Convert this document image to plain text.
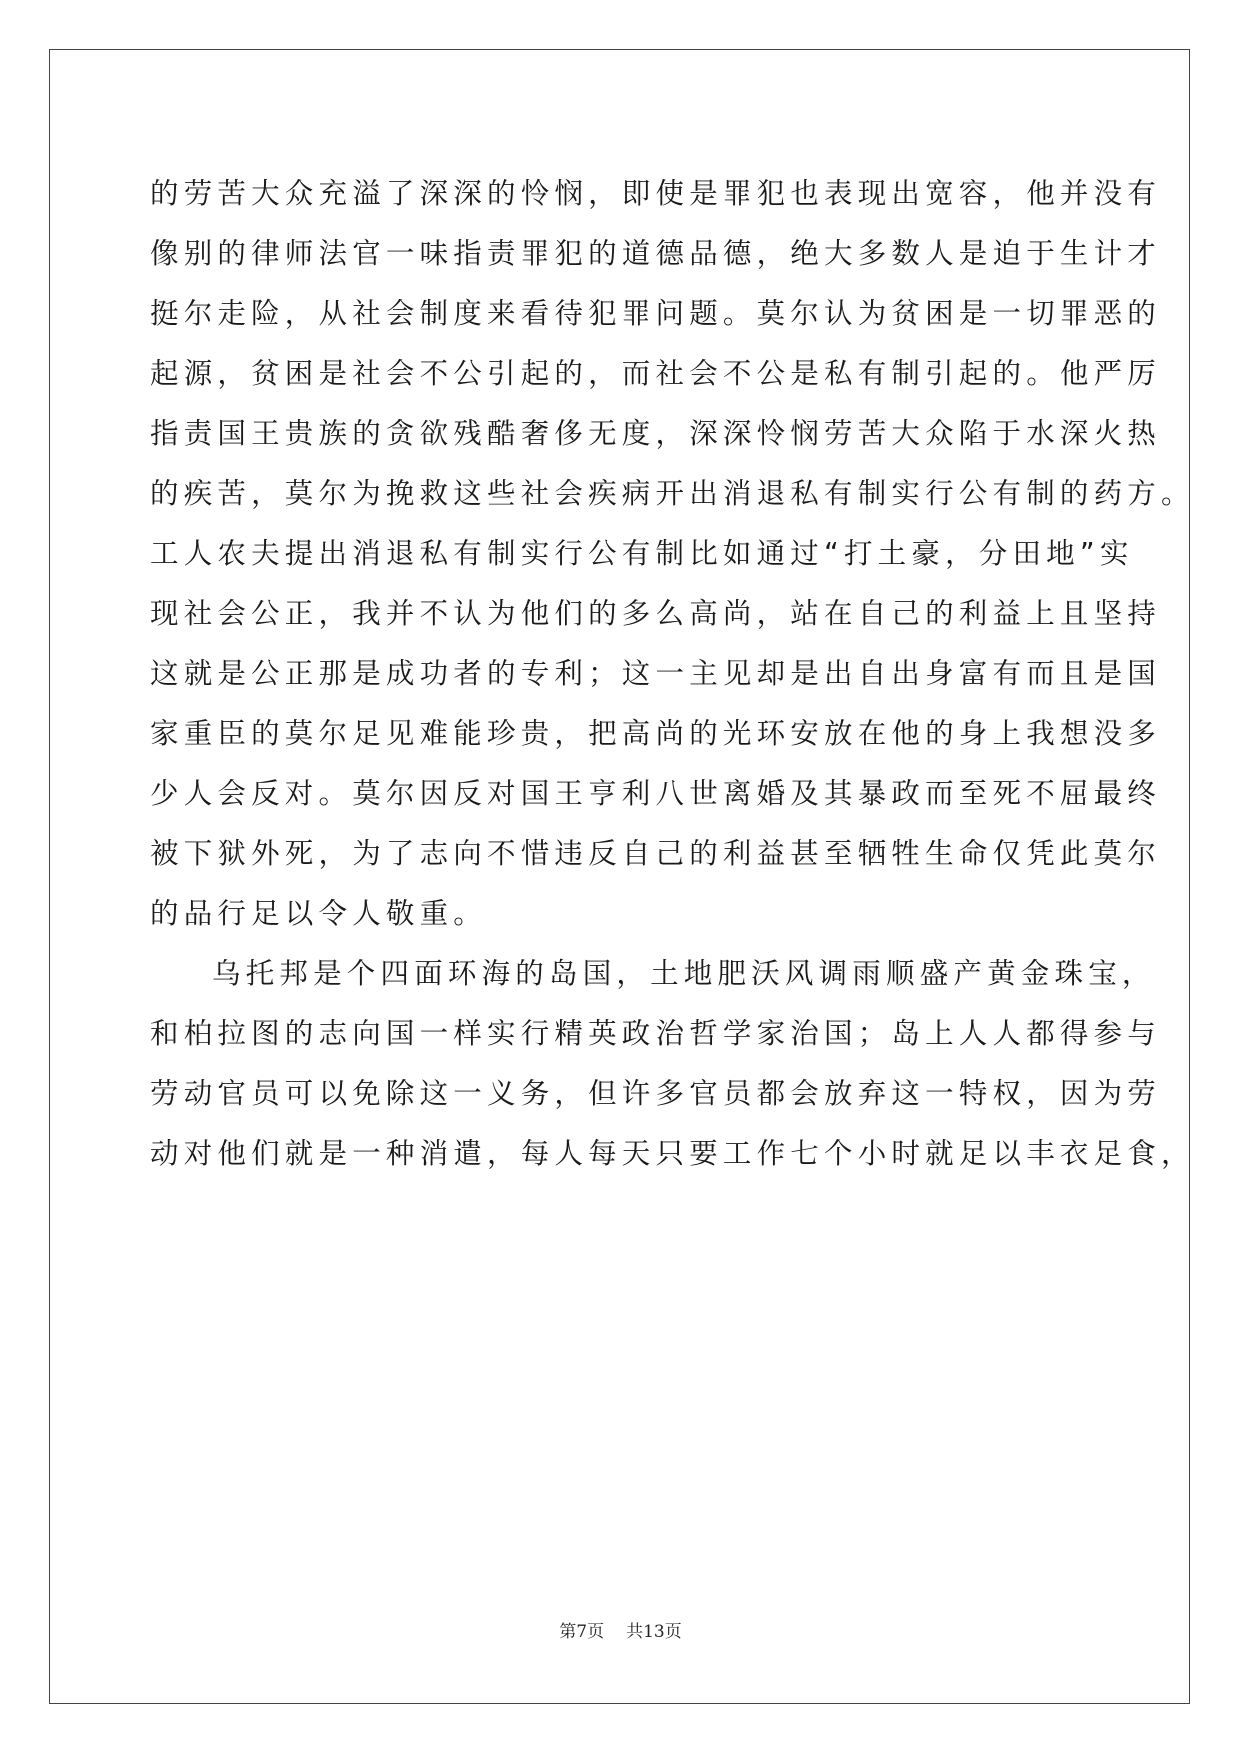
的劳苦大众充溢了深深的怜悯，即使是罪犯也表现出宽容，他并没有
像别的律师法官一味指责罪犯的道德品德，绝大多数人是迫于生计才
挺尔走险，从社会制度来看待犯罪问题。莫尔认为贫困是一切罪恶的
起源，贫困是社会不公引起的，而社会不公是私有制引起的。他严厉
指责国王贵族的贪欲残酷奢侈无度，深深怜悯劳苦大众陷于水深火热
的疾苦，莫尔为挽救这些社会疾病开出消退私有制实行公有制的药方。
工人农夫提出消退私有制实行公有制比如通过“打土豪，分田地”实
现社会公正，我并不认为他们的多么高尚，站在自己的利益上且坚持
这就是公正那是成功者的专利；这一主见却是出自出身富有而且是国
家重臣的莫尔足见难能珍贵，把高尚的光环安放在他的身上我想没多
少人会反对。莫尔因反对国王亨利八世离婚及其暴政而至死不屈最终
被下狱外死，为了志向不惜违反自己的利益甚至牺牲生命仅凭此莫尔
的品行足以令人敬重。
乌托邦是个四面环海的岛国，土地肥沃风调雨顺盛产黄金珠宝，
和柏拉图的志向国一样实行精英政治哲学家治国；岛上人人都得参与
劳动官员可以免除这一义务，但许多官员都会放弃这一特权，因为劳
动对他们就是一种消遣，每人每天只要工作七个小时就足以丰衣足食，
第7页 共13页
